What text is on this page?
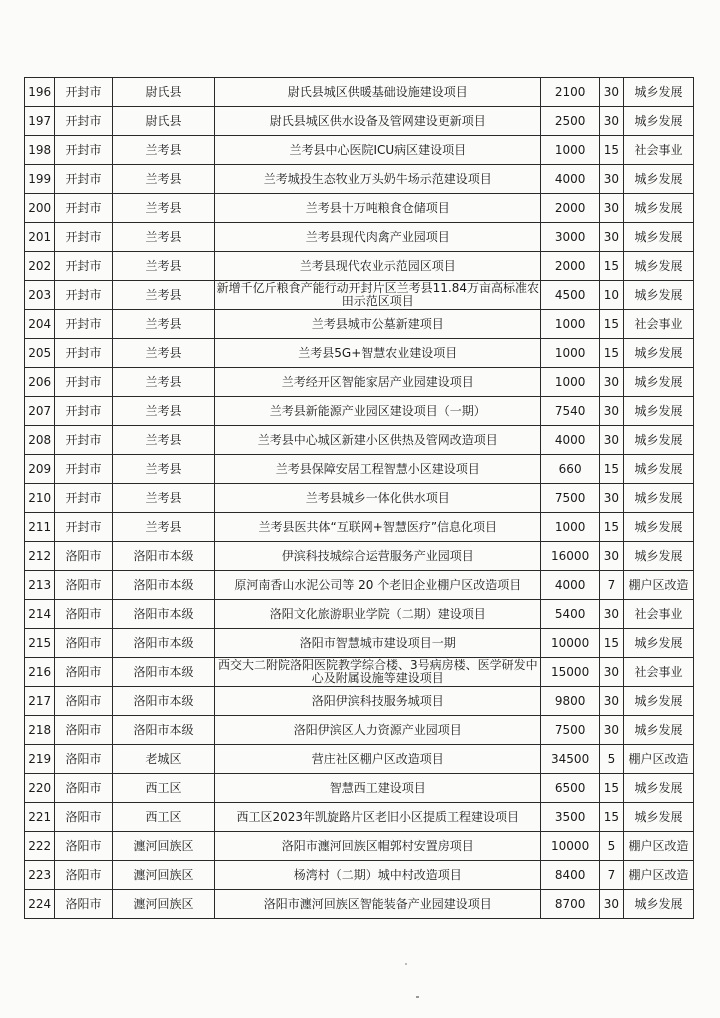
196	开封市	尉氏县	尉氏县城区供暖基础设施建设项目	2100	30	城乡发展
197	开封市	尉氏县	尉氏县城区供水设备及管网建设更新项目	2500	30	城乡发展
198	开封市	兰考县	兰考县中心医院ICU病区建设项目	1000	15	社会事业
199	开封市	兰考县	兰考城投生态牧业万头奶牛场示范建设项目	4000	30	城乡发展
200	开封市	兰考县	兰考县十万吨粮食仓储项目	2000	30	城乡发展
201	开封市	兰考县	兰考县现代肉禽产业园项目	3000	30	城乡发展
202	开封市	兰考县	兰考县现代农业示范园区项目	2000	15	城乡发展
203	开封市	兰考县	新增千亿斤粮食产能行动开封片区兰考县11.84万亩高标准农田示范区项目	4500	10	城乡发展
204	开封市	兰考县	兰考县城市公墓新建项目	1000	15	社会事业
205	开封市	兰考县	兰考县5G+智慧农业建设项目	1000	15	城乡发展
206	开封市	兰考县	兰考经开区智能家居产业园建设项目	1000	30	城乡发展
207	开封市	兰考县	兰考县新能源产业园区建设项目（一期）	7540	30	城乡发展
208	开封市	兰考县	兰考县中心城区新建小区供热及管网改造项目	4000	30	城乡发展
209	开封市	兰考县	兰考县保障安居工程智慧小区建设项目	660	15	城乡发展
210	开封市	兰考县	兰考县城乡一体化供水项目	7500	30	城乡发展
211	开封市	兰考县	兰考县医共体“互联网+智慧医疗”信息化项目	1000	15	城乡发展
212	洛阳市	洛阳市本级	伊滨科技城综合运营服务产业园项目	16000	30	城乡发展
213	洛阳市	洛阳市本级	原河南香山水泥公司等 20 个老旧企业棚户区改造项目	4000	7	棚户区改造
214	洛阳市	洛阳市本级	洛阳文化旅游职业学院（二期）建设项目	5400	30	社会事业
215	洛阳市	洛阳市本级	洛阳市智慧城市建设项目一期	10000	15	城乡发展
216	洛阳市	洛阳市本级	西交大二附院洛阳医院教学综合楼、3号病房楼、医学研发中心及附属设施等建设项目	15000	30	社会事业
217	洛阳市	洛阳市本级	洛阳伊滨科技服务城项目	9800	30	城乡发展
218	洛阳市	洛阳市本级	洛阳伊滨区人力资源产业园项目	7500	30	城乡发展
219	洛阳市	老城区	营庄社区棚户区改造项目	34500	5	棚户区改造
220	洛阳市	西工区	智慧西工建设项目	6500	15	城乡发展
221	洛阳市	西工区	西工区2023年凯旋路片区老旧小区提质工程建设项目	3500	15	城乡发展
222	洛阳市	瀍河回族区	洛阳市瀍河回族区帽郭村安置房项目	10000	5	棚户区改造
223	洛阳市	瀍河回族区	杨湾村（二期）城中村改造项目	8400	7	棚户区改造
224	洛阳市	瀍河回族区	洛阳市瀍河回族区智能装备产业园建设项目	8700	30	城乡发展
